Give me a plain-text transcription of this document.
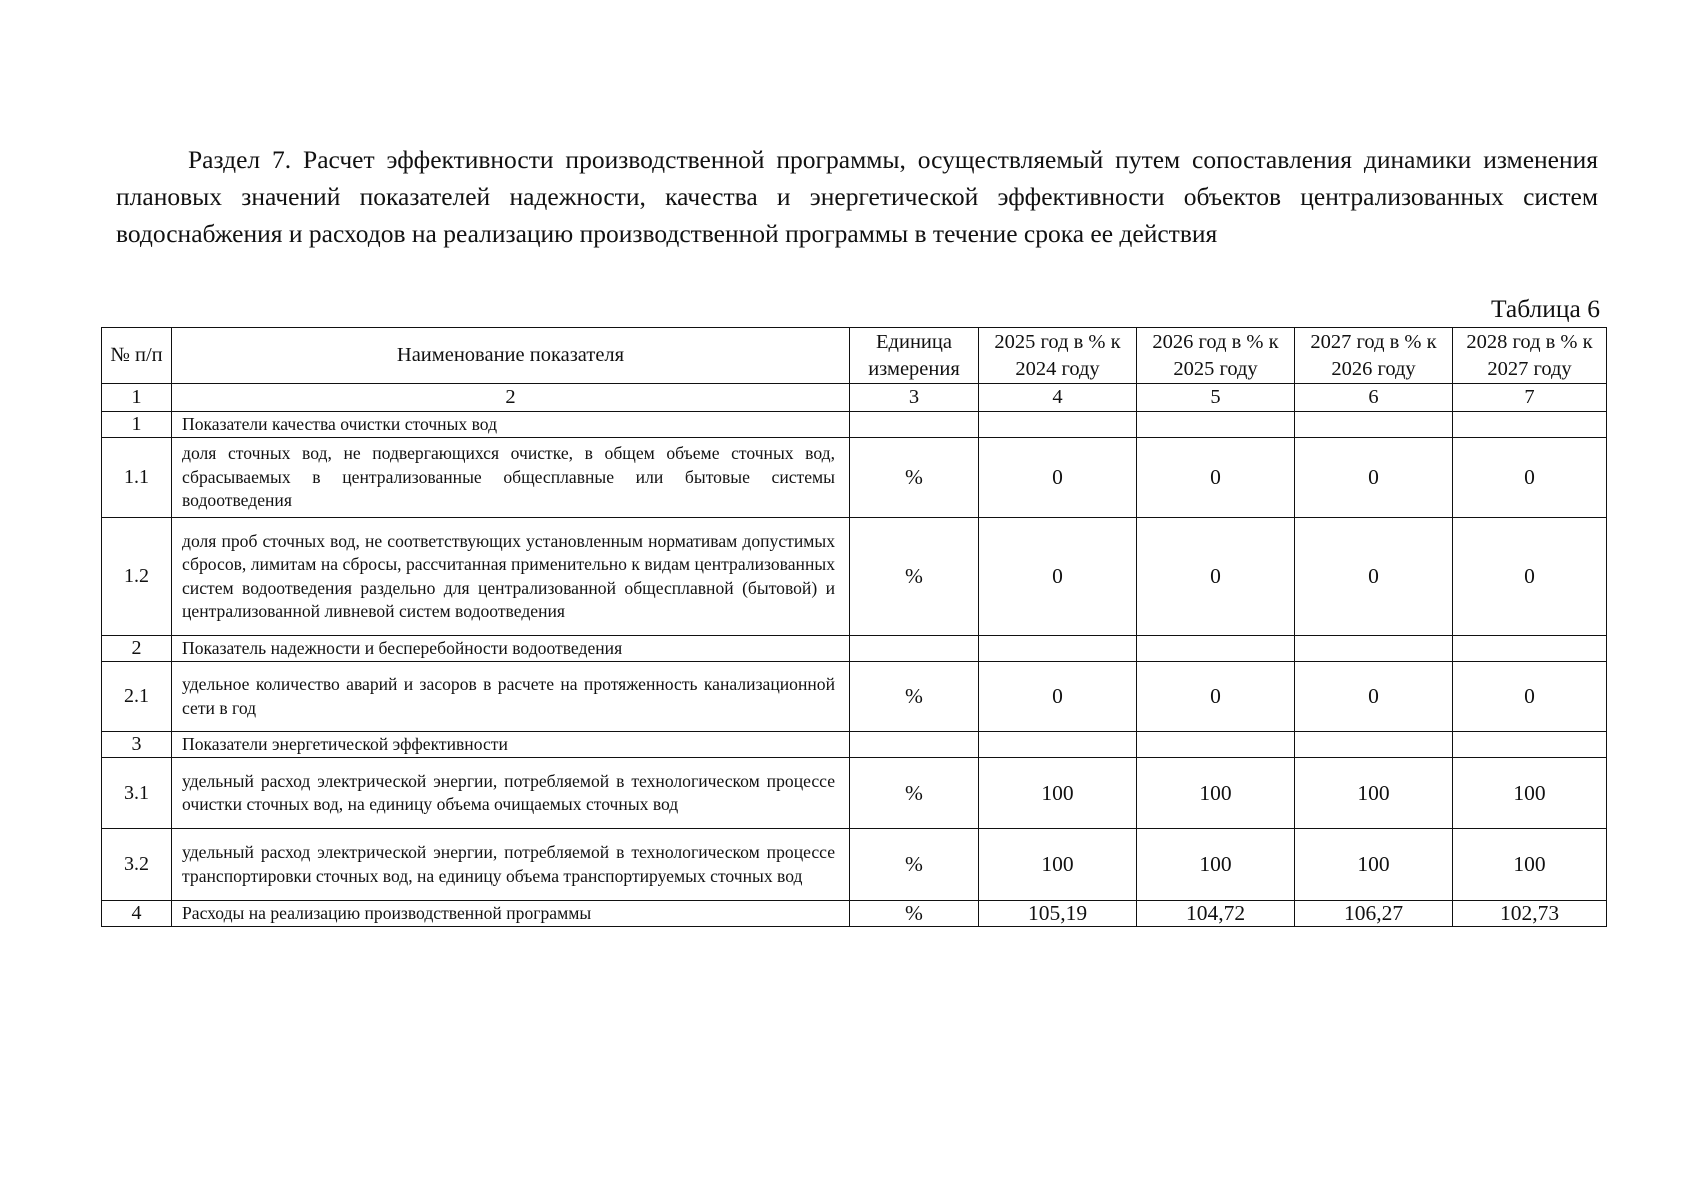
Раздел 7. Расчет эффективности производственной программы, осуществляемый путем сопоставления динамики изменения плановых значений показателей надежности, качества и энергетической эффективности объектов централизованных систем водоснабжения и расходов на реализацию производственной программы в течение срока ее действия
Таблица 6
№ п/п	Наименование показателя	Единица измерения	2025 год в % к 2024 году	2026 год в % к 2025 году	2027 год в % к 2026 году	2028 год в % к 2027 году
1	2	3	4	5	6	7
1	Показатели качества очистки сточных вод					
1.1	доля сточных вод, не подвергающихся очистке, в общем объеме сточных вод, сбрасываемых в централизованные общесплавные или бытовые системы водоотведения	%	0	0	0	0
1.2	доля проб сточных вод, не соответствующих установленным нормативам допустимых сбросов, лимитам на сбросы, рассчитанная применительно к видам централизованных систем водоотведения раздельно для централизованной общесплавной (бытовой) и централизованной ливневой систем водоотведения	%	0	0	0	0
2	Показатель надежности и бесперебойности водоотведения					
2.1	удельное количество аварий и засоров в расчете на протяженность канализационной сети в год	%	0	0	0	0
3	Показатели энергетической эффективности					
3.1	удельный расход электрической энергии, потребляемой в технологическом процессе очистки сточных вод, на единицу объема очищаемых сточных вод	%	100	100	100	100
3.2	удельный расход электрической энергии, потребляемой в технологическом процессе транспортировки сточных вод, на единицу объема транспортируемых сточных вод	%	100	100	100	100
4	Расходы на реализацию производственной программы	%	105,19	104,72	106,27	102,73
